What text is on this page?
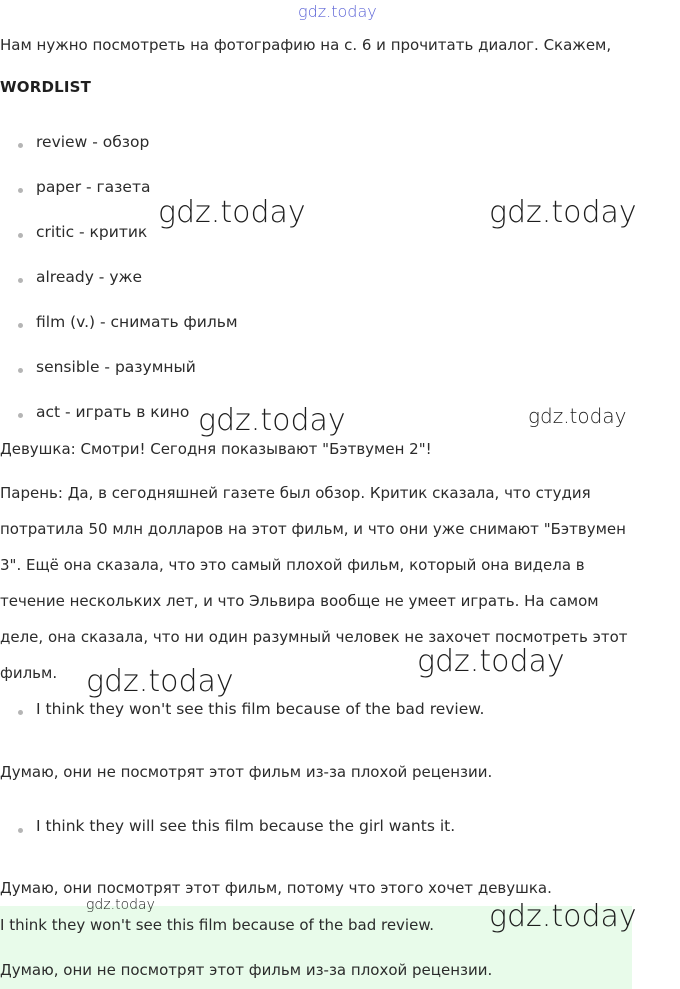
gdz.today
Нам нужно посмотреть на фотографию на с. 6 и прочитать диалог. Скажем,
WORDLIST
review - обзор
paper - газета
critic - критик
already - уже
film (v.) - снимать фильм
sensible - разумный
act - играть в кино
Девушка: Смотри! Сегодня показывают "Бэтвумен 2"!
Парень: Да, в сегодняшней газете был обзор. Критик сказала, что студия
потратила 50 млн долларов на этот фильм, и что они уже снимают "Бэтвумен
3". Ещё она сказала, что это самый плохой фильм, который она видела в
течение нескольких лет, и что Эльвира вообще не умеет играть. На самом
деле, она сказала, что ни один разумный человек не захочет посмотреть этот
фильм.
I think they won't see this film because of the bad review.
Думаю, они не посмотрят этот фильм из-за плохой рецензии.
I think they will see this film because the girl wants it.
Думаю, они посмотрят этот фильм, потому что этого хочет девушка.
I think they won't see this film because of the bad review.
Думаю, они не посмотрят этот фильм из-за плохой рецензии.
gdz.today	gdz.today
gdz.today	gdz.today
gdz.today
gdz.today
gdz.today	gdz.today
